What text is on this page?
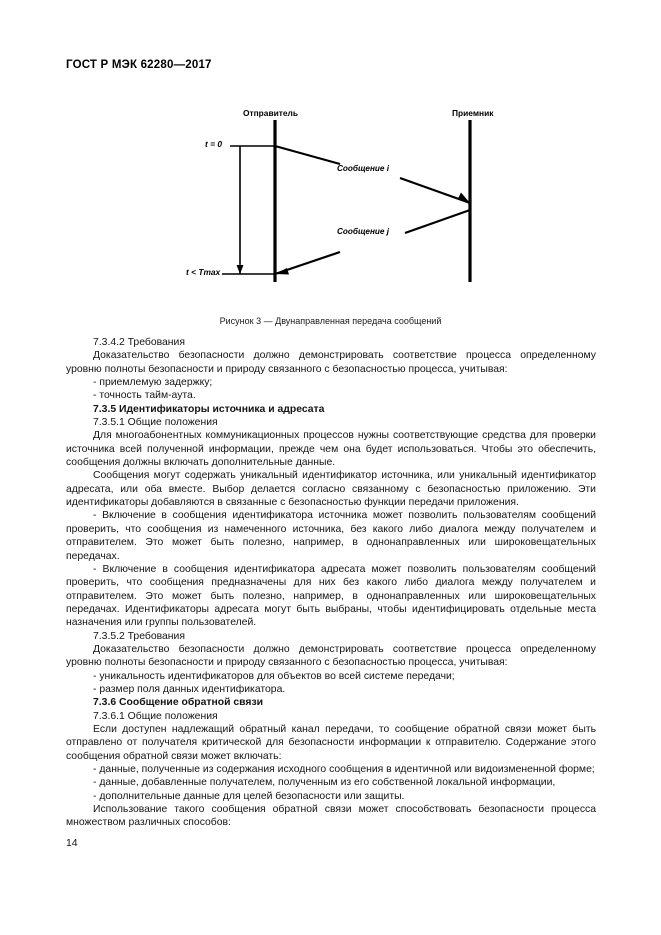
ГОСТ Р МЭК 62280—2017
Отправитель	Приемник
t = 0
t < Tmax
Сообщение i
Сообщение j
Рисунок 3 — Двунаправленная передача сообщений

7.3.4.2 Требования

Доказательство безопасности должно демонстрировать соответствие процесса определенному уровню полноты безопасности и природу связанного с безопасностью процесса, учитывая:

- приемлемую задержку;

- точность тайм-аута.

7.3.5 Идентификаторы источника и адресата

7.3.5.1 Общие положения

Для многоабонентных коммуникационных процессов нужны соответствующие средства для проверки источника всей полученной информации, прежде чем она будет использоваться. Чтобы это обеспечить, сообщения должны включать дополнительные данные.

Сообщения могут содержать уникальный идентификатор источника, или уникальный идентификатор адресата, или оба вместе. Выбор делается согласно связанному с безопасностью приложению. Эти идентификаторы добавляются в связанные с безопасностью функции передачи приложения.

- Включение в сообщения идентификатора источника может позволить пользователям сообщений проверить, что сообщения из намеченного источника, без какого либо диалога между получателем и отправителем. Это может быть полезно, например, в однонаправленных или широковещательных передачах.

- Включение в сообщения идентификатора адресата может позволить пользователям сообщений проверить, что сообщения предназначены для них без какого либо диалога между получателем и отправителем. Это может быть полезно, например, в однонаправленных или широковещательных передачах. Идентификаторы адресата могут быть выбраны, чтобы идентифицировать отдельные места назначения или группы пользователей.

7.3.5.2 Требования

Доказательство безопасности должно демонстрировать соответствие процесса определенному уровню полноты безопасности и природу связанного с безопасностью процесса, учитывая:

- уникальность идентификаторов для объектов во всей системе передачи;

- размер поля данных идентификатора.

7.3.6 Сообщение обратной связи

7.3.6.1 Общие положения

Если доступен надлежащий обратный канал передачи, то сообщение обратной связи может быть отправлено от получателя критической для безопасности информации к отправителю. Содержание этого сообщения обратной связи может включать:

- данные, полученные из содержания исходного сообщения в идентичной или видоизмененной форме;

- данные, добавленные получателем, полученным из его собственной локальной информации,

- дополнительные данные для целей безопасности или защиты.

Использование такого сообщения обратной связи может способствовать безопасности процесса множеством различных способов:

14
